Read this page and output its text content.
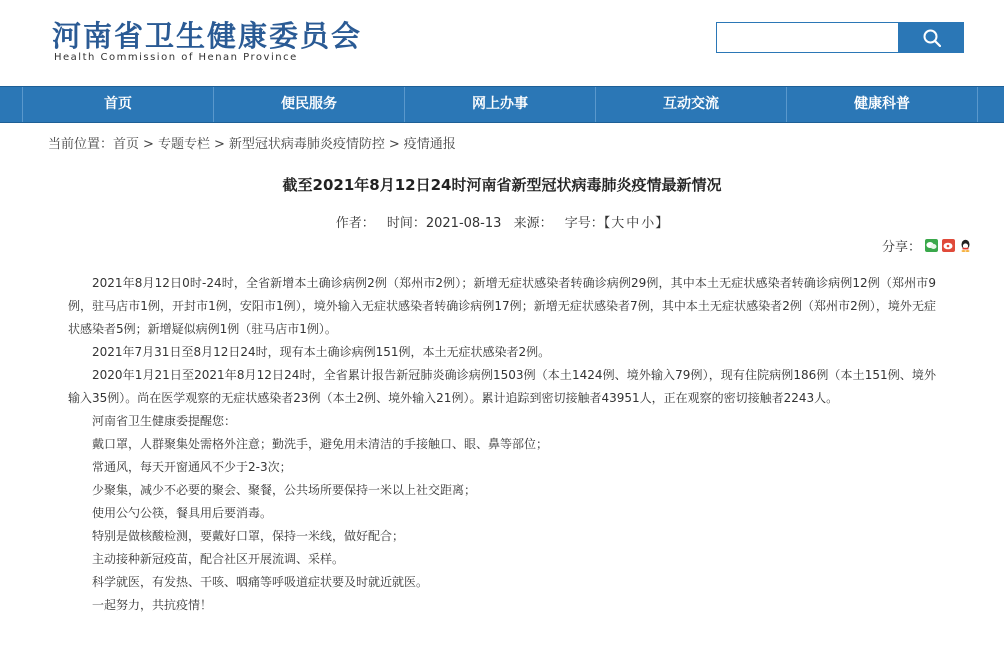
河南省卫生健康委员会
Health Commission of Henan Province
首页	便民服务	网上办事	互动交流	健康科普
当前位置：首页 > 专题专栏 > 新型冠状病毒肺炎疫情防控 > 疫情通报
截至2021年8月12日24时河南省新型冠状病毒肺炎疫情最新情况
作者： 时间：2021-08-13 来源： 字号：【大 中 小】
分享：

2021年8月12日0时-24时，全省新增本土确诊病例2例（郑州市2例）；新增无症状感染者转确诊病例29例，其中本土无症状感染者转确诊病例12例（郑州市9例，驻马店市1例，开封市1例，安阳市1例），境外输入无症状感染者转确诊病例17例；新增无症状感染者7例，其中本土无症状感染者2例（郑州市2例），境外无症状感染者5例；新增疑似病例1例（驻马店市1例）。

2021年7月31日至8月12日24时，现有本土确诊病例151例，本土无症状感染者2例。

2020年1月21日至2021年8月12日24时，全省累计报告新冠肺炎确诊病例1503例（本土1424例、境外输入79例），现有住院病例186例（本土151例、境外输入35例）。尚在医学观察的无症状感染者23例（本土2例、境外输入21例）。累计追踪到密切接触者43951人，正在观察的密切接触者2243人。

河南省卫生健康委提醒您：

戴口罩，人群聚集处需格外注意；勤洗手，避免用未清洁的手接触口、眼、鼻等部位；

常通风，每天开窗通风不少于2-3次；

少聚集，减少不必要的聚会、聚餐，公共场所要保持一米以上社交距离；

使用公勺公筷，餐具用后要消毒。

特别是做核酸检测，要戴好口罩，保持一米线，做好配合；

主动接种新冠疫苗，配合社区开展流调、采样。

科学就医，有发热、干咳、咽痛等呼吸道症状要及时就近就医。

一起努力，共抗疫情！
